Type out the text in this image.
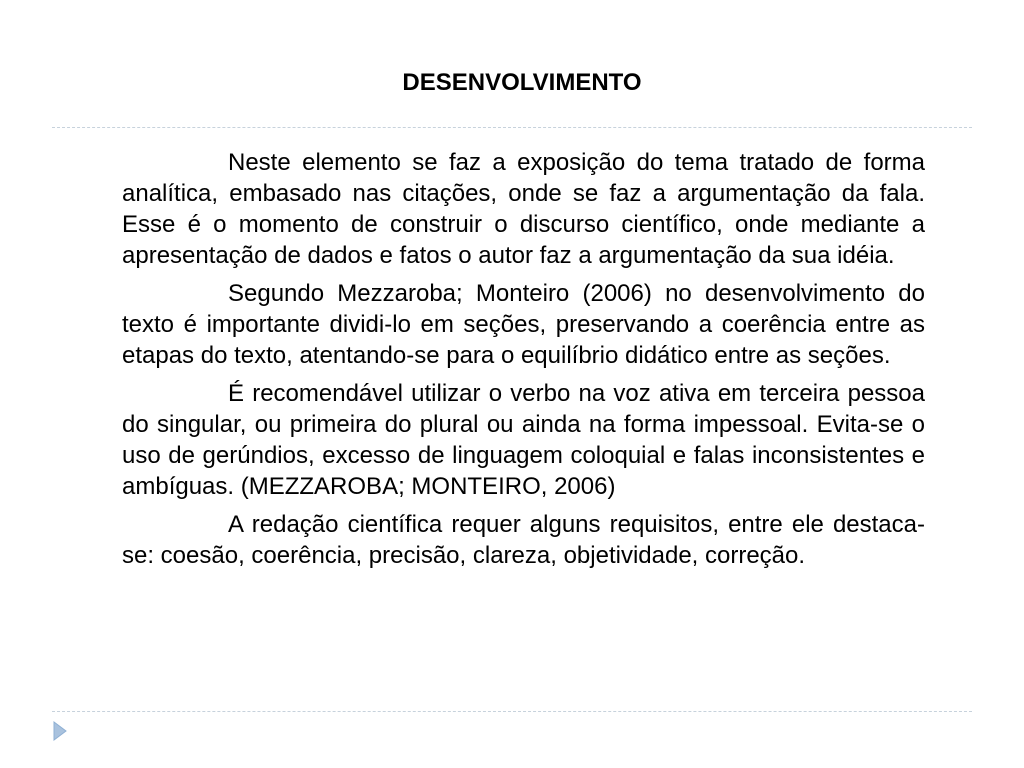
DESENVOLVIMENTO

Neste elemento se faz a exposição do tema tratado de forma analítica, embasado nas citações, onde se faz a argumentação da fala. Esse é o momento de construir o discurso científico, onde mediante a apresentação de dados e fatos o autor faz a argumentação da sua idéia.

Segundo Mezzaroba; Monteiro (2006) no desenvolvimento do texto é importante dividi-lo em seções, preservando a coerência entre as etapas do texto, atentando-se para o equilíbrio didático entre as seções.

É recomendável utilizar o verbo na voz ativa em terceira pessoa do singular, ou primeira do plural ou ainda na forma impessoal. Evita-se o uso de gerúndios, excesso de linguagem coloquial e falas inconsistentes e ambíguas. (MEZZAROBA; MONTEIRO, 2006)

A redação científica requer alguns requisitos, entre ele destaca-se: coesão, coerência, precisão, clareza, objetividade, correção.
